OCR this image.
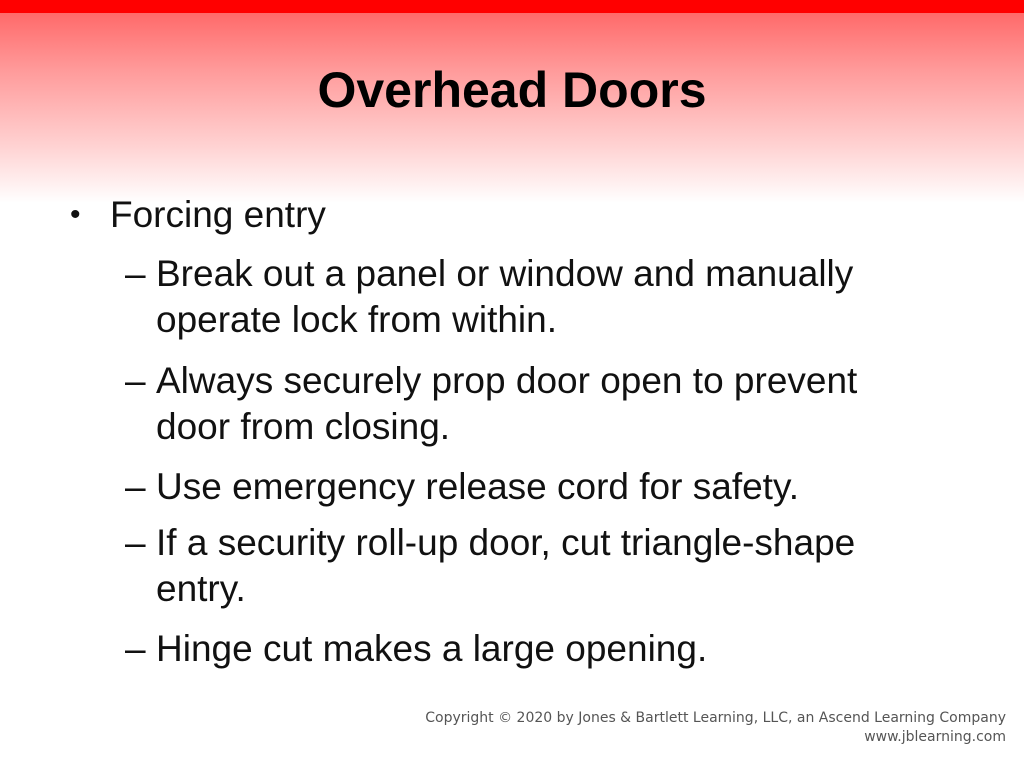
Overhead Doors
• Forcing entry
– Break out a panel or window and manually operate lock from within.
– Always securely prop door open to prevent door from closing.
– Use emergency release cord for safety.
– If a security roll-up door, cut triangle-shape entry.
– Hinge cut makes a large opening.
Copyright © 2020 by Jones & Bartlett Learning, LLC, an Ascend Learning Company
www.jblearning.com
